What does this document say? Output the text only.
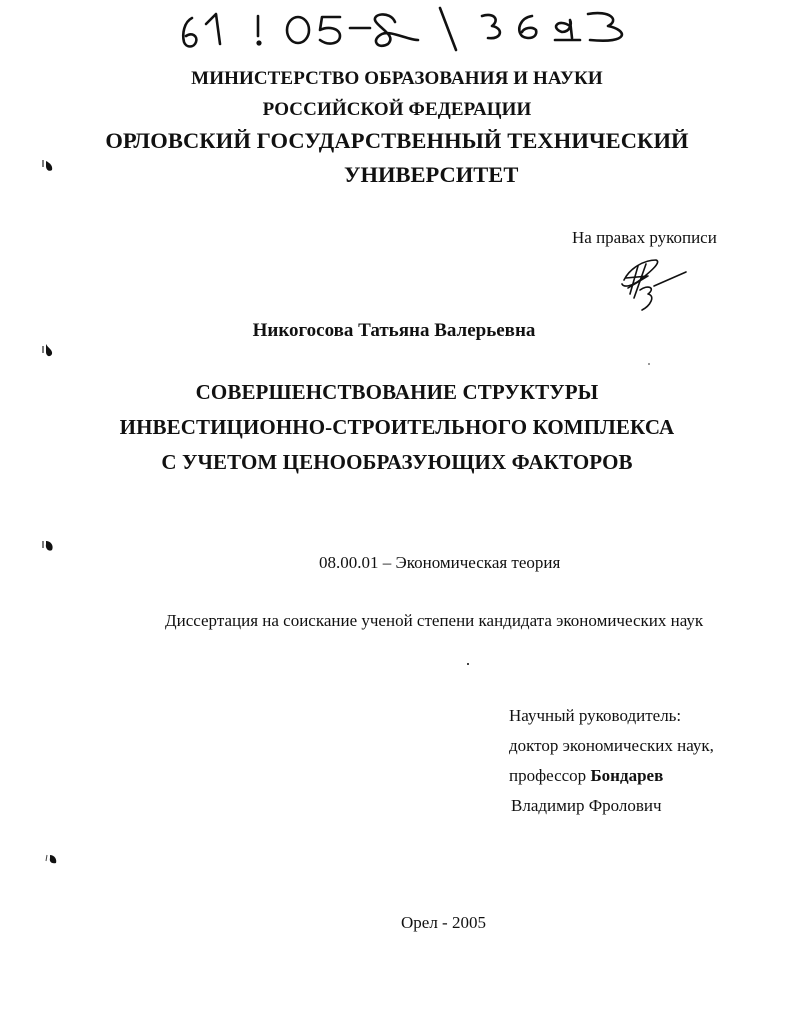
МИНИСТЕРСТВО ОБРАЗОВАНИЯ И НАУКИ
РОССИЙСКОЙ ФЕДЕРАЦИИ
ОРЛОВСКИЙ ГОСУДАРСТВЕННЫЙ ТЕХНИЧЕСКИЙ
УНИВЕРСИТЕТ
На правах рукописи
Никогосова Татьяна Валерьевна
СОВЕРШЕНСТВОВАНИЕ СТРУКТУРЫ
ИНВЕСТИЦИОННО-СТРОИТЕЛЬНОГО КОМПЛЕКСА
С УЧЕТОМ ЦЕНООБРАЗУЮЩИХ ФАКТОРОВ
08.00.01 – Экономическая теория
Диссертация на соискание ученой степени кандидата экономических наук
Научный руководитель:
доктор экономических наук,
профессор Бондарев
Владимир Фролович
Орел - 2005
